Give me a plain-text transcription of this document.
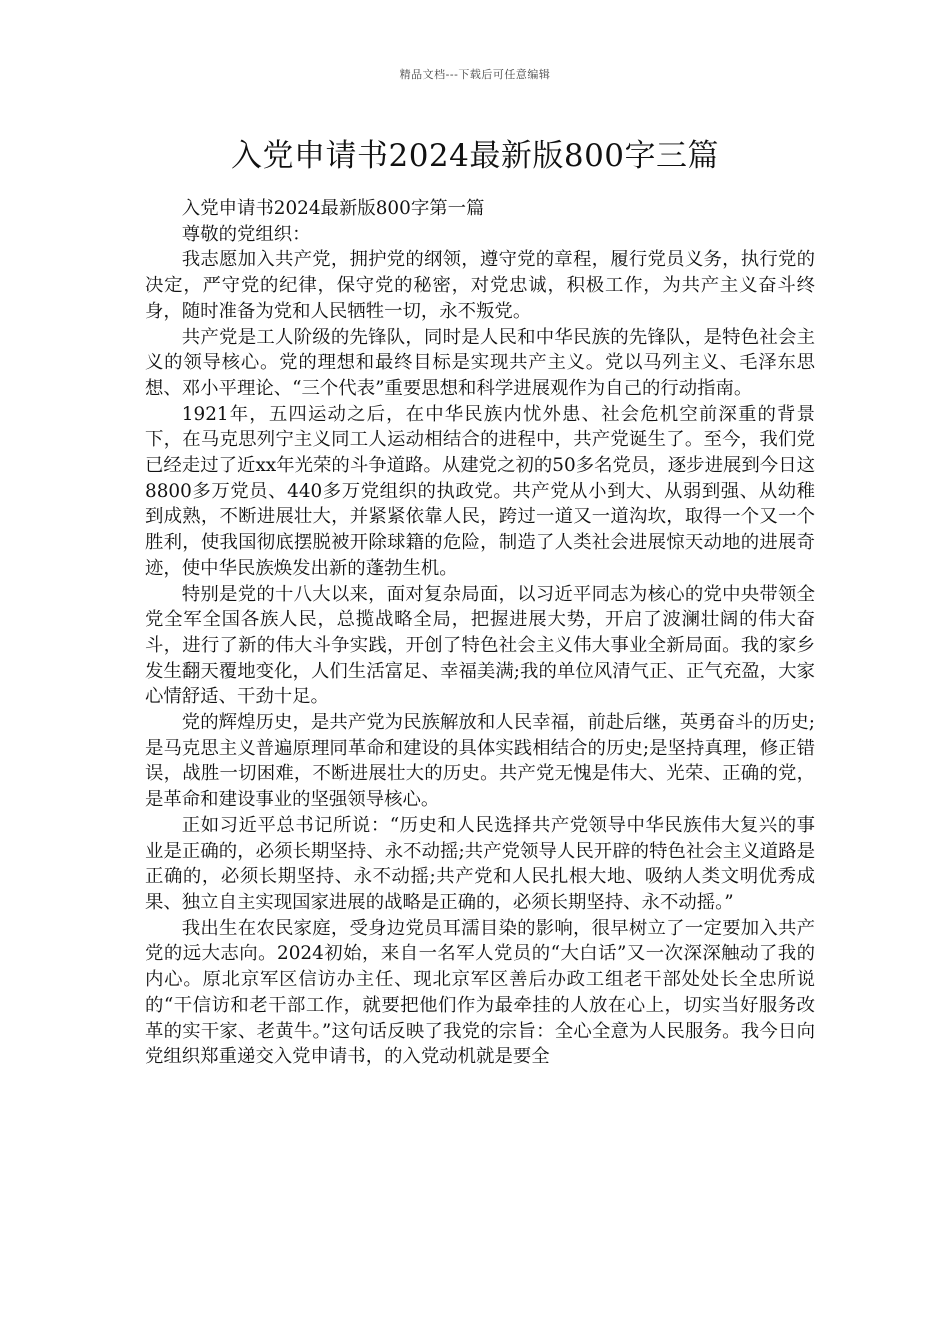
精品文档---下载后可任意编辑
入党申请书2024最新版800字三篇

入党申请书2024最新版800字第一篇

尊敬的党组织：

我志愿加入共产党，拥护党的纲领，遵守党的章程，履行党员义务，执行党的决定，严守党的纪律，保守党的秘密，对党忠诚，积极工作，为共产主义奋斗终身，随时准备为党和人民牺牲一切，永不叛党。

共产党是工人阶级的先锋队，同时是人民和中华民族的先锋队，是特色社会主义的领导核心。党的理想和最终目标是实现共产主义。党以马列主义、毛泽东思想、邓小平理论、“三个代表”重要思想和科学进展观作为自己的行动指南。

1921年，五四运动之后，在中华民族内忧外患、社会危机空前深重的背景下，在马克思列宁主义同工人运动相结合的进程中，共产党诞生了。至今，我们党已经走过了近xx年光荣的斗争道路。从建党之初的50多名党员，逐步进展到今日这8800多万党员、440多万党组织的执政党。共产党从小到大、从弱到强、从幼稚到成熟，不断进展壮大，并紧紧依靠人民，跨过一道又一道沟坎，取得一个又一个胜利，使我国彻底摆脱被开除球籍的危险，制造了人类社会进展惊天动地的进展奇迹，使中华民族焕发出新的蓬勃生机。

特别是党的十八大以来，面对复杂局面，以习近平同志为核心的党中央带领全党全军全国各族人民，总揽战略全局，把握进展大势，开启了波澜壮阔的伟大奋斗，进行了新的伟大斗争实践，开创了特色社会主义伟大事业全新局面。我的家乡发生翻天覆地变化，人们生活富足、幸福美满;我的单位风清气正、正气充盈，大家心情舒适、干劲十足。

党的辉煌历史，是共产党为民族解放和人民幸福，前赴后继，英勇奋斗的历史;是马克思主义普遍原理同革命和建设的具体实践相结合的历史;是坚持真理，修正错误，战胜一切困难，不断进展壮大的历史。共产党无愧是伟大、光荣、正确的党，是革命和建设事业的坚强领导核心。

正如习近平总书记所说：“历史和人民选择共产党领导中华民族伟大复兴的事业是正确的，必须长期坚持、永不动摇;共产党领导人民开辟的特色社会主义道路是正确的，必须长期坚持、永不动摇;共产党和人民扎根大地、吸纳人类文明优秀成果、独立自主实现国家进展的战略是正确的，必须长期坚持、永不动摇。”

我出生在农民家庭，受身边党员耳濡目染的影响，很早树立了一定要加入共产党的远大志向。2024初始，来自一名军人党员的“大白话”又一次深深触动了我的内心。原北京军区信访办主任、现北京军区善后办政工组老干部处处长全忠所说的“干信访和老干部工作，就要把他们作为最牵挂的人放在心上，切实当好服务改革的实干家、老黄牛。”这句话反映了我党的宗旨：全心全意为人民服务。我今日向党组织郑重递交入党申请书，的入党动机就是要全
